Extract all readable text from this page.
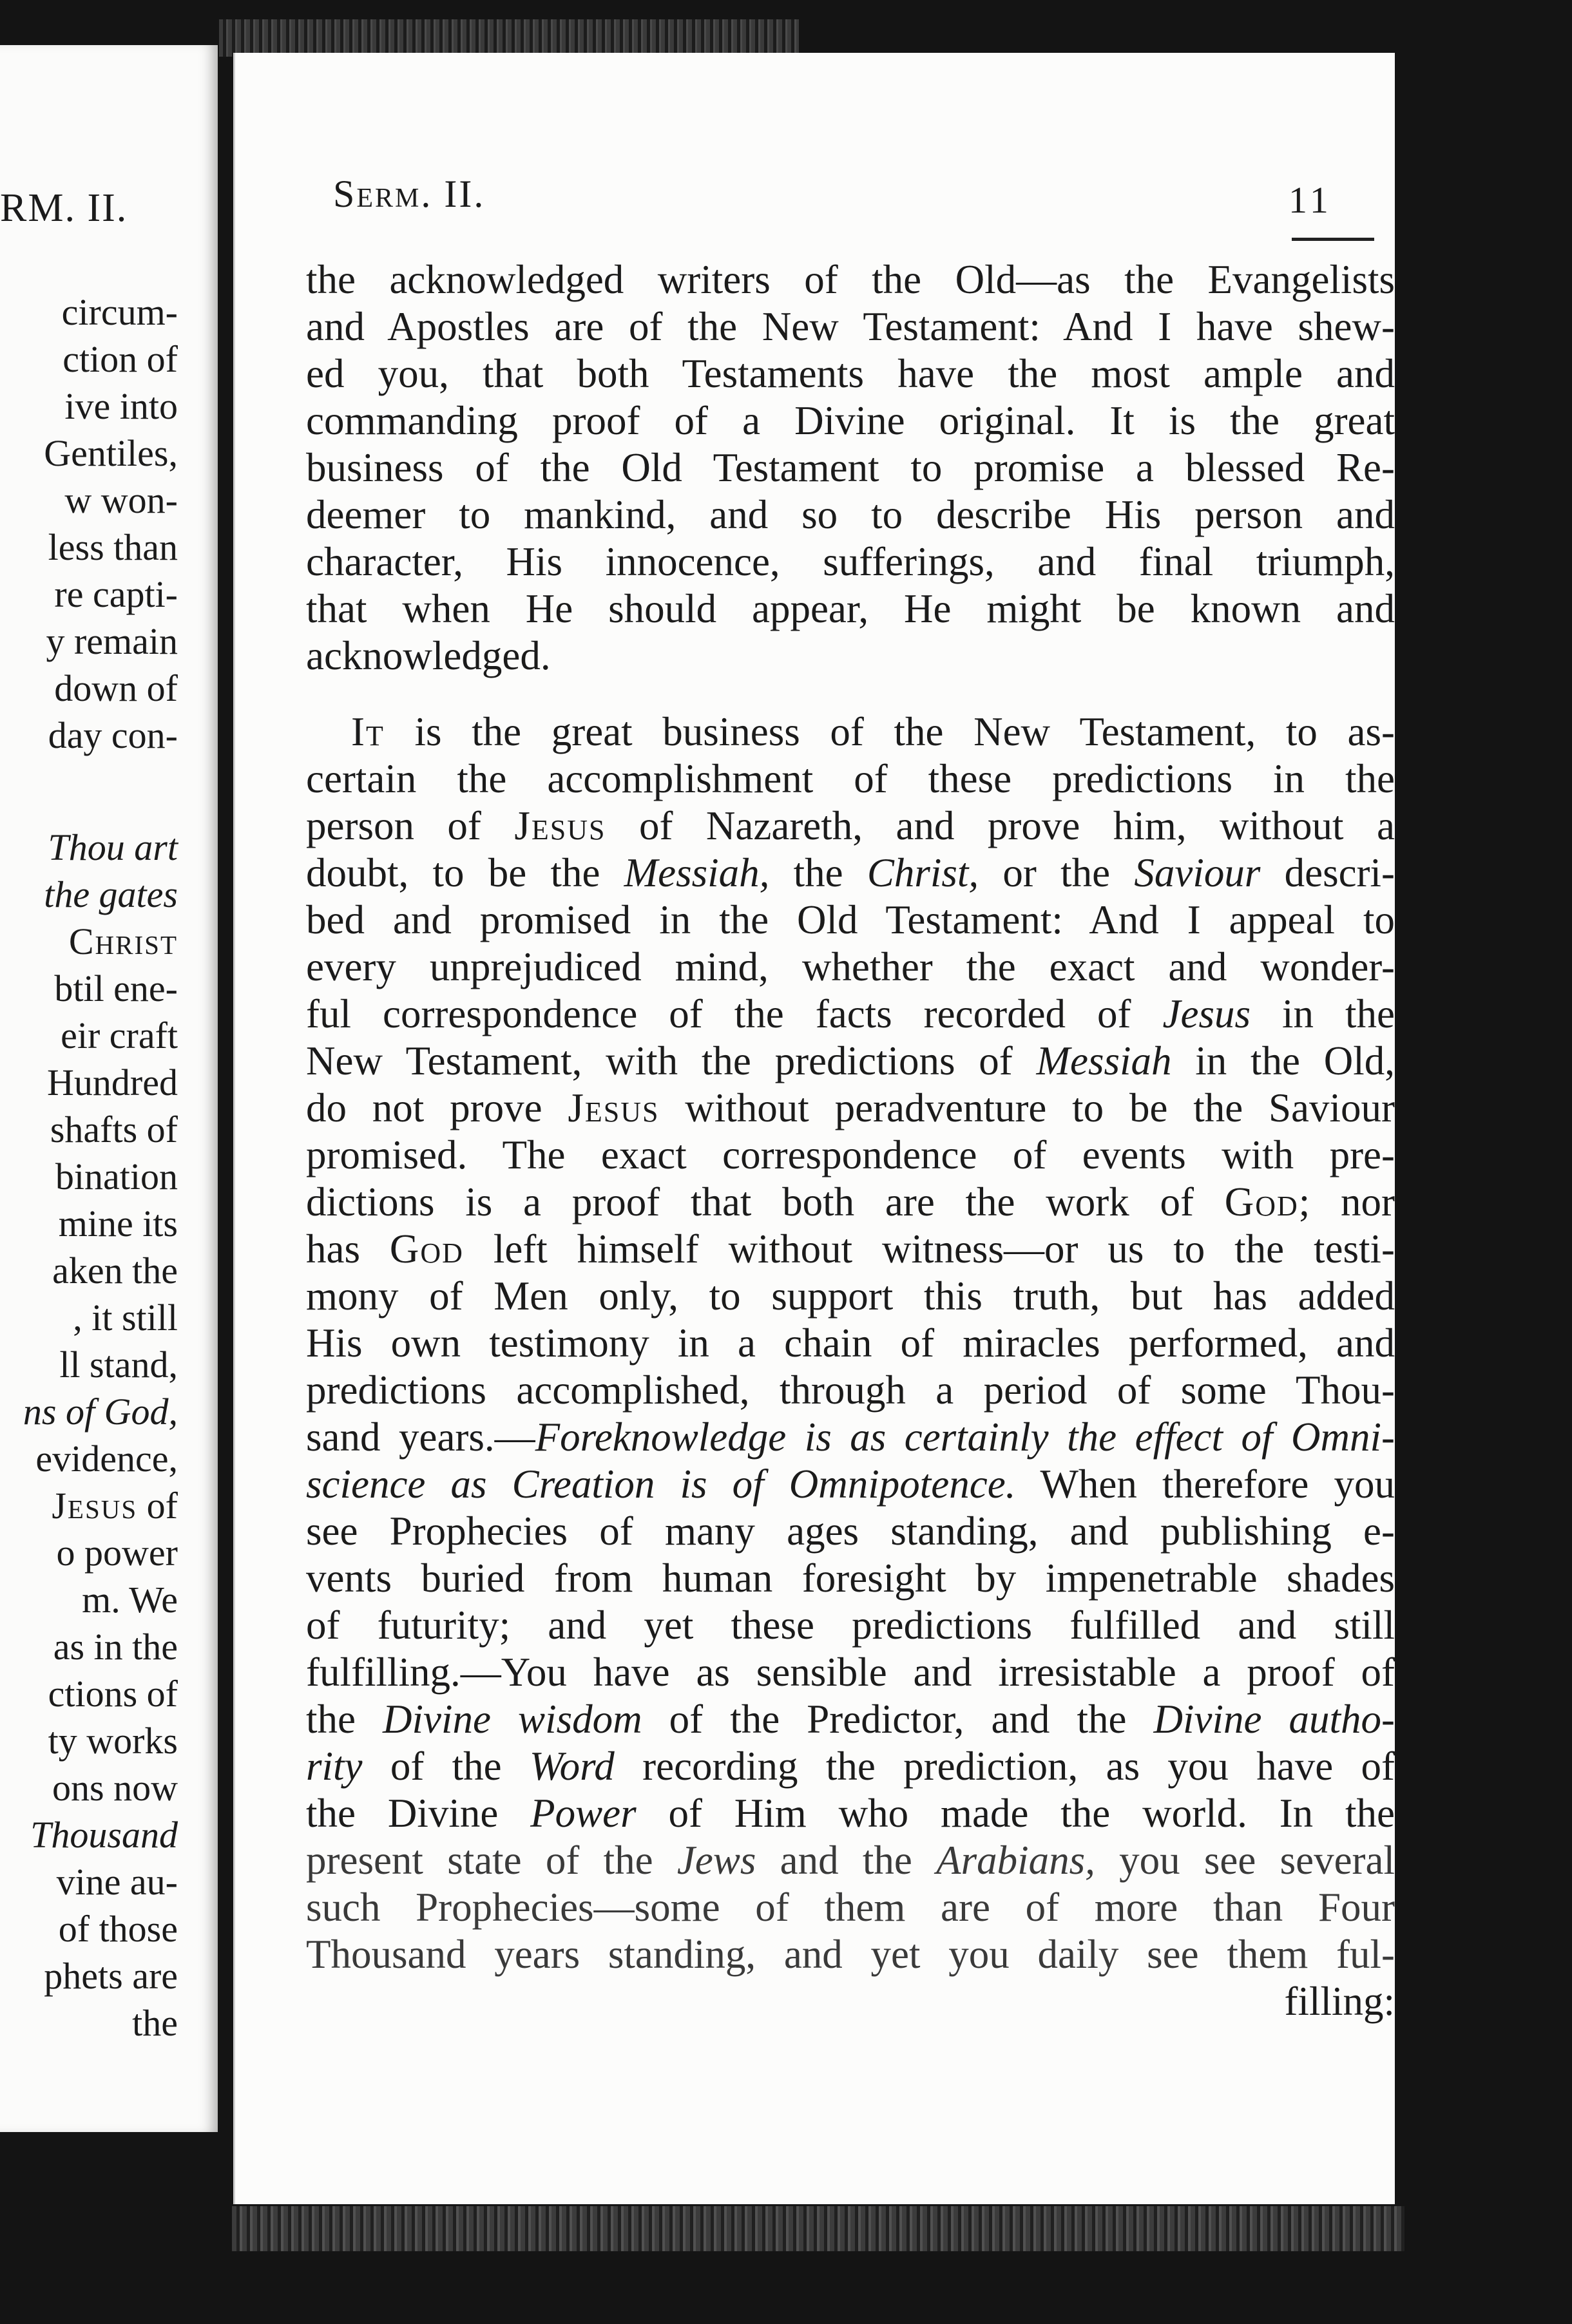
RM. II.
circum-
ction of
ive into
Gentiles,
w won-
less than
re capti-
y remain
down of
day con-
Thou art
the gates
Christ
btil ene-
eir craft
Hundred
shafts of
bination
mine its
aken the
, it still
ll stand,
ns of God,
evidence,
Jesus of
o power
m. We
as in the
ctions of
ty works
ons now
Thousand
vine au-
of those
phets are
the
Serm. II.	11
the acknowledged writers of the Old—as the Evangelists
and Apostles are of the New Testament: And I have shew-
ed you, that both Testaments have the most ample and
commanding proof of a Divine original. It is the great
business of the Old Testament to promise a blessed Re-
deemer to mankind, and so to describe His person and
character, His innocence, sufferings, and final triumph,
that when He should appear, He might be known and
acknowledged.
It is the great business of the New Testament, to as-
certain the accomplishment of these predictions in the
person of Jesus of Nazareth, and prove him, without a
doubt, to be the Messiah, the Christ, or the Saviour descri-
bed and promised in the Old Testament: And I appeal to
every unprejudiced mind, whether the exact and wonder-
ful correspondence of the facts recorded of Jesus in the
New Testament, with the predictions of Messiah in the Old,
do not prove Jesus without peradventure to be the Saviour
promised. The exact correspondence of events with pre-
dictions is a proof that both are the work of God; nor
has God left himself without witness—or us to the testi-
mony of Men only, to support this truth, but has added
His own testimony in a chain of miracles performed, and
predictions accomplished, through a period of some Thou-
sand years.—Foreknowledge is as certainly the effect of Omni-
science as Creation is of Omnipotence. When therefore you
see Prophecies of many ages standing, and publishing e-
vents buried from human foresight by impenetrable shades
of futurity; and yet these predictions fulfilled and still
fulfilling.—You have as sensible and irresistable a proof of
the Divine wisdom of the Predictor, and the Divine autho-
rity of the Word recording the prediction, as you have of
the Divine Power of Him who made the world. In the
present state of the Jews and the Arabians, you see several
such Prophecies—some of them are of more than Four
Thousand years standing, and yet you daily see them ful-
filling:
